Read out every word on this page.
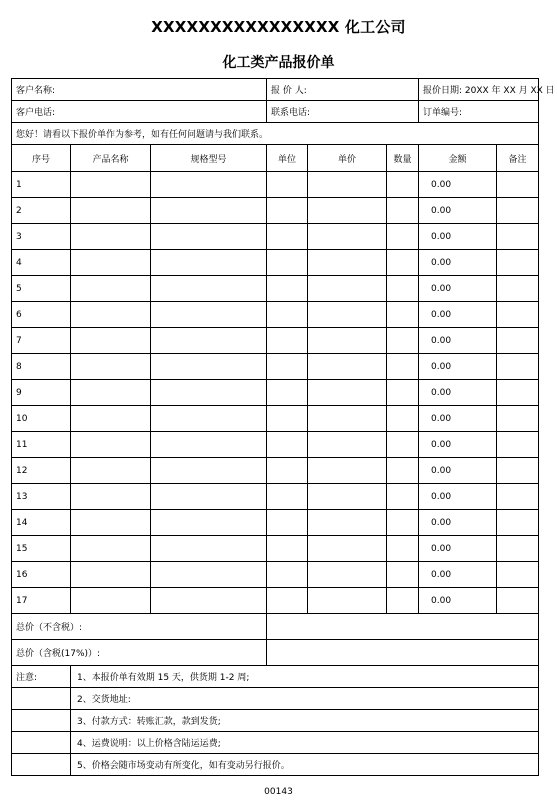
XXXXXXXXXXXXXXXX 化工公司
化工类产品报价单
客户名称:			报 价 人:			报价日期: 20XX 年 XX 月 XX 日	
客户电话:			联系电话:			订单编号:	
您好！请看以下报价单作为参考，如有任何问题请与我们联系。							
序号	产品名称	规格型号	单位	单价	数量	金额	备注
1						0.00	
2						0.00	
3						0.00	
4						0.00	
5						0.00	
6						0.00	
7						0.00	
8						0.00	
9						0.00	
10						0.00	
11						0.00	
12						0.00	
13						0.00	
14						0.00	
15						0.00	
16						0.00	
17						0.00	
总价（不含税）:							
总价（含税(17%)）:							
注意:	1、本报价单有效期 15 天，供货期 1-2 周;						
	2、交货地址:						
	3、付款方式：转账汇款，款到发货;						
	4、运费说明：以上价格含陆运运费;						
	5、价格会随市场变动有所变化，如有变动另行报价。						
00143
